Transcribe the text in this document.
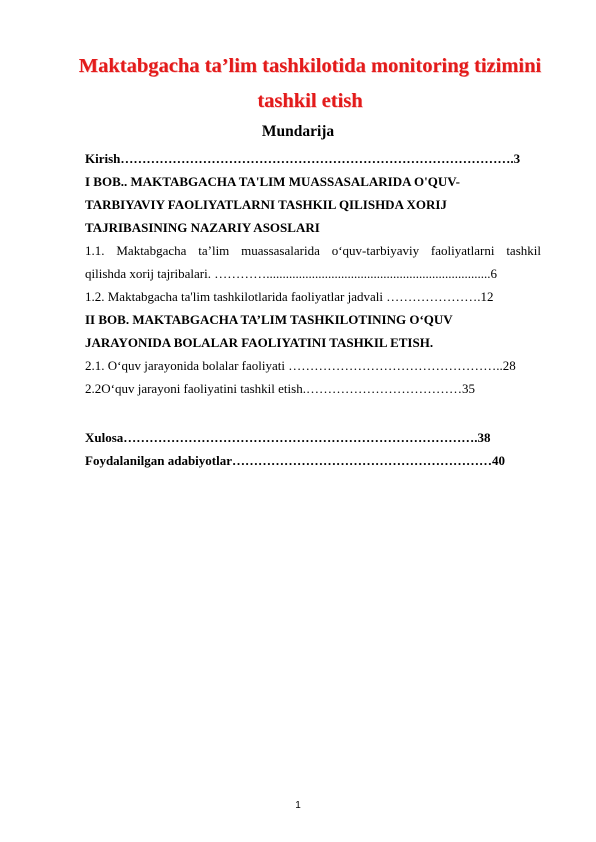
Maktabgacha ta’lim tashkilotida monitoring tizimini
tashkil etish
Mundarija
Kirish……………………………………………………………………………….3
I BOB.. MAKTABGACHA TA'LIM MUASSASALARIDA O'QUV-
TARBIYAVIY FAOLIYATLARNI TASHKIL QILISHDA XORIJ
TAJRIBASINING NAZARIY ASOSLARI
1.1. Maktabgacha ta’lim muassasalarida o‘quv-tarbiyaviy faoliyatlarni tashkil
qilishda xorij tajribalari. ………….....................................................................6
1.2. Maktabgacha ta'lim tashkilotlarida faoliyatlar jadvali ………………….12
II BOB. MAKTABGACHA TA’LIM TASHKILOTINING O‘QUV
JARAYONIDA BOLALAR FAOLIYATINI TASHKIL ETISH.
2.1. O‘quv jarayonida bolalar faoliyati …………………………………………..28
2.2O‘quv jarayoni faoliyatini tashkil etish.………………………………35
Xulosa……………………………………………………………………….38
Foydalanilgan adabiyotlar……………………………………………………40
1
